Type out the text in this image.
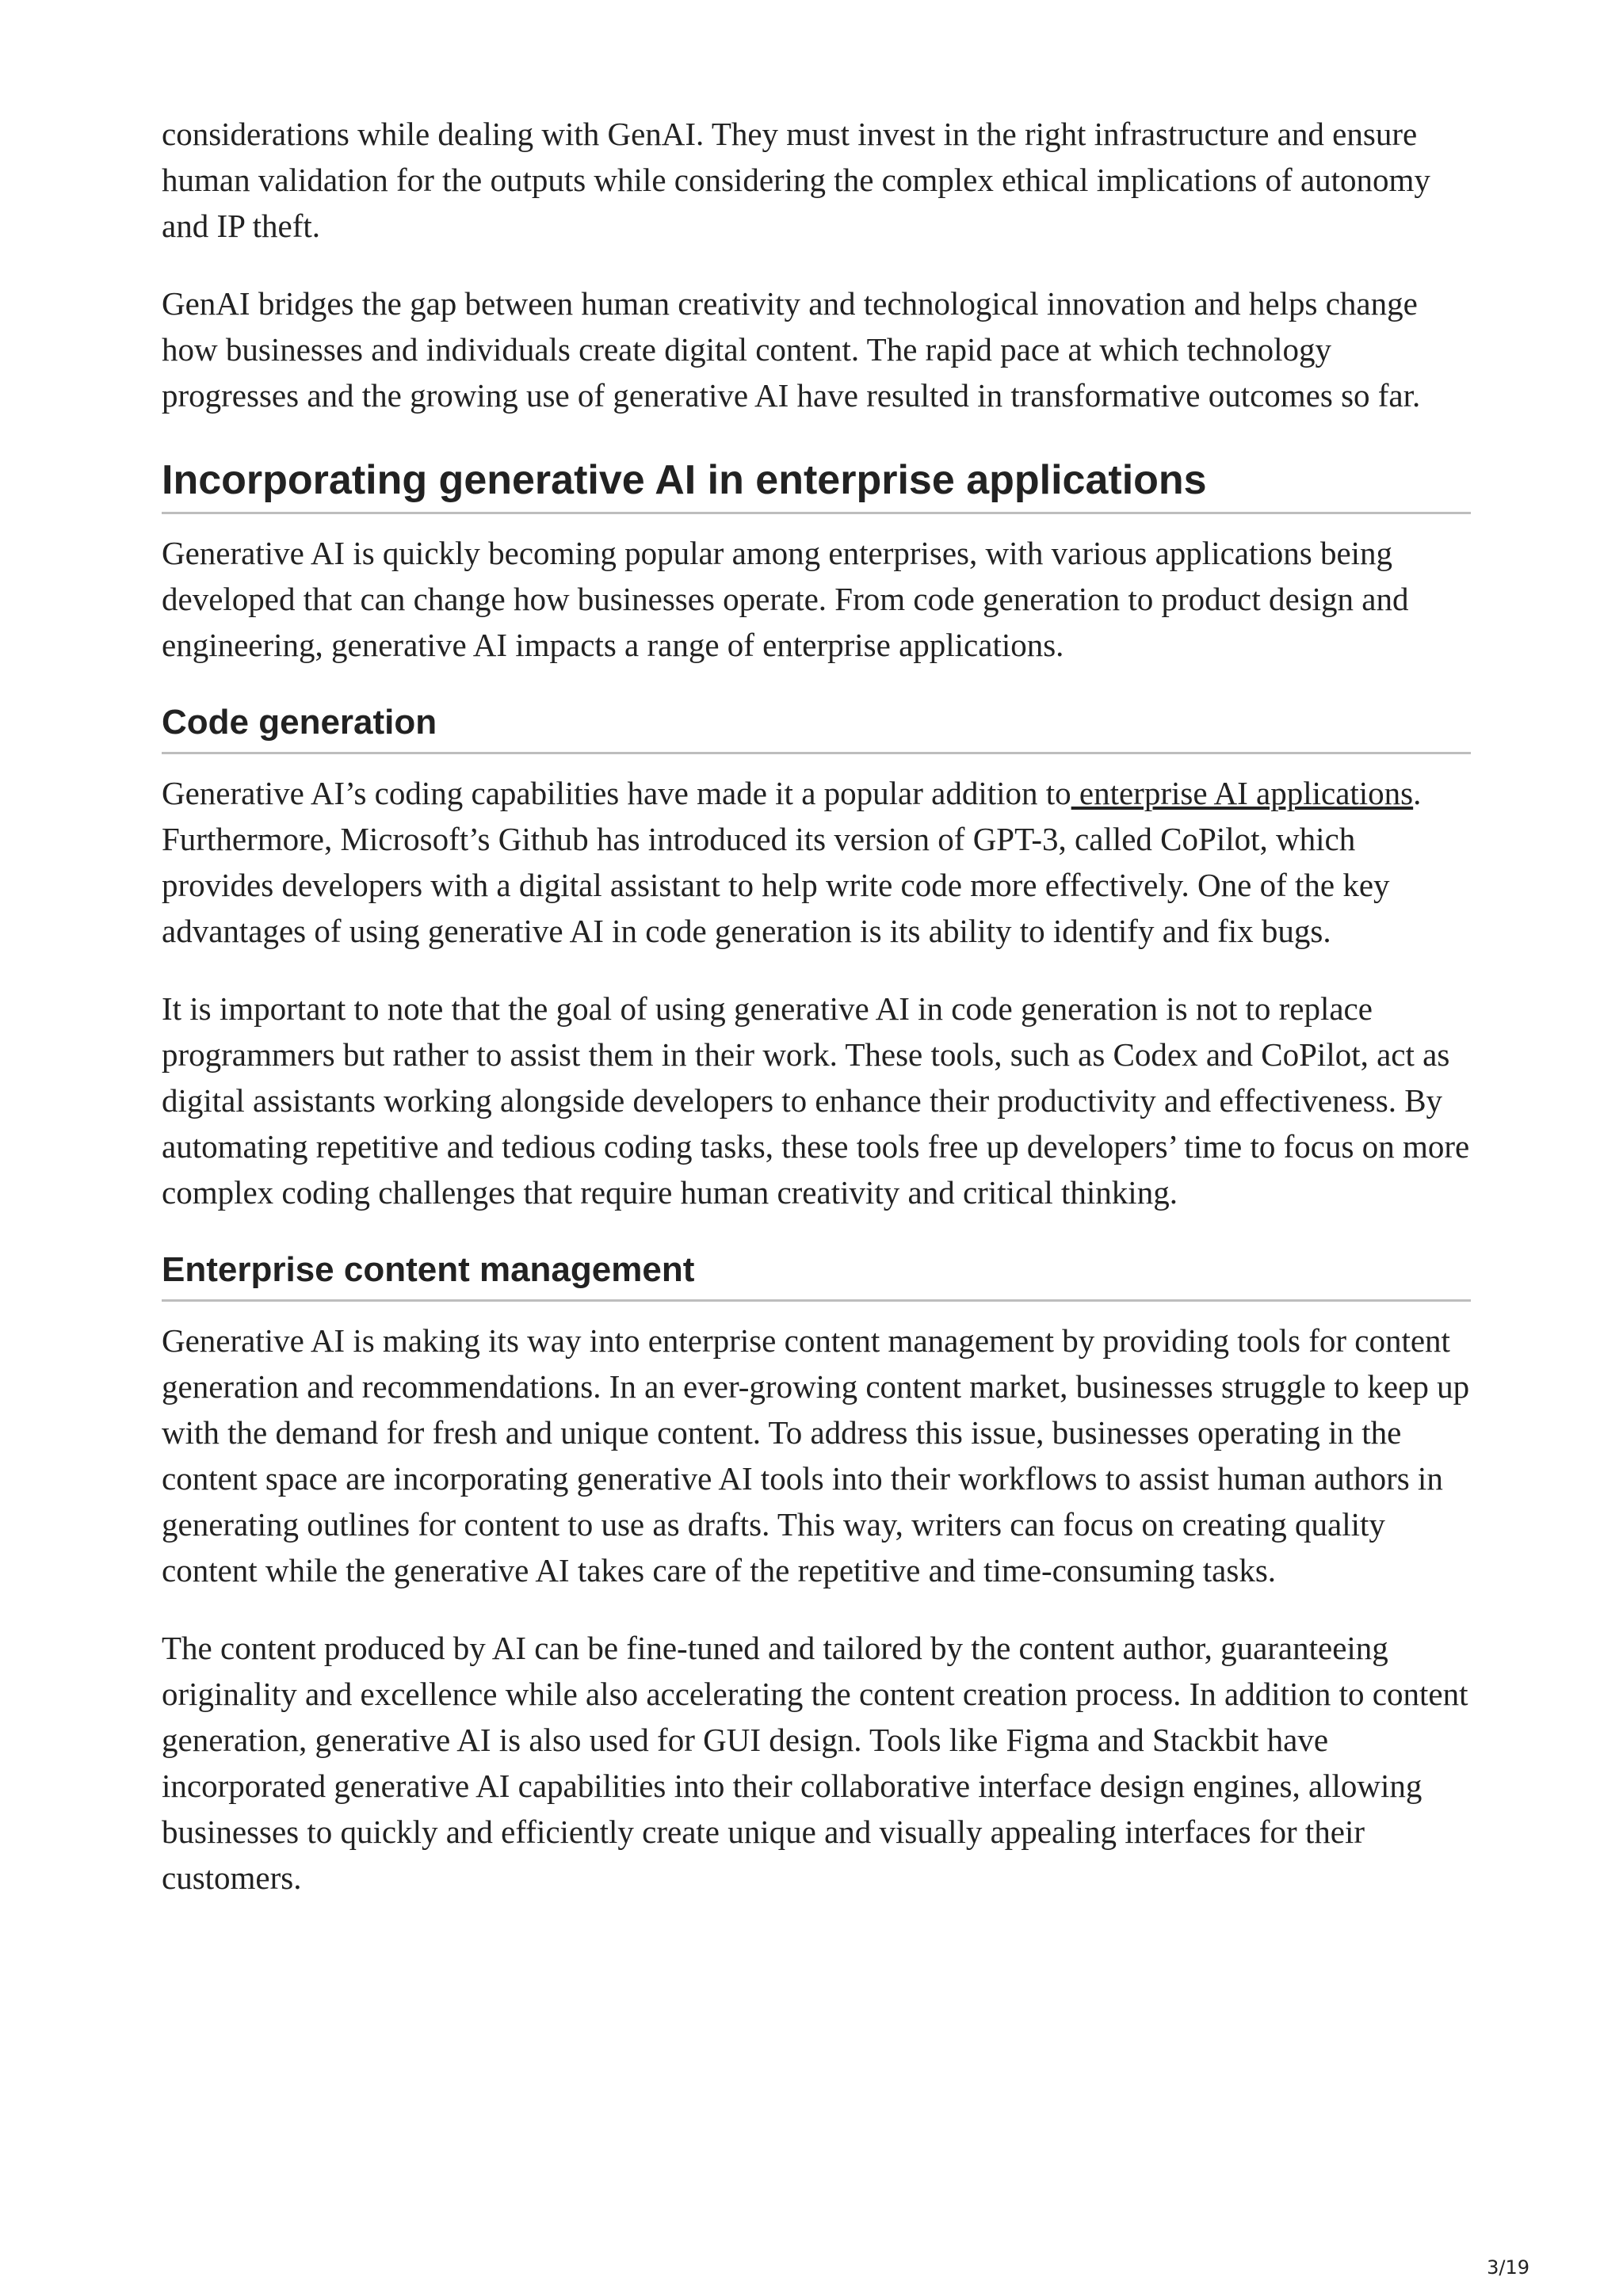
considerations while dealing with GenAI. They must invest in the right infrastructure and ensure human validation for the outputs while considering the complex ethical implications of autonomy and IP theft.

GenAI bridges the gap between human creativity and technological innovation and helps change how businesses and individuals create digital content. The rapid pace at which technology progresses and the growing use of generative AI have resulted in transformative outcomes so far.

Incorporating generative AI in enterprise applications

Generative AI is quickly becoming popular among enterprises, with various applications being developed that can change how businesses operate. From code generation to product design and engineering, generative AI impacts a range of enterprise applications.

Code generation

Generative AI’s coding capabilities have made it a popular addition to enterprise AI applications. Furthermore, Microsoft’s Github has introduced its version of GPT-3, called CoPilot, which provides developers with a digital assistant to help write code more effectively. One of the key advantages of using generative AI in code generation is its ability to identify and fix bugs.

It is important to note that the goal of using generative AI in code generation is not to replace programmers but rather to assist them in their work. These tools, such as Codex and CoPilot, act as digital assistants working alongside developers to enhance their productivity and effectiveness. By automating repetitive and tedious coding tasks, these tools free up developers’ time to focus on more complex coding challenges that require human creativity and critical thinking.

Enterprise content management

Generative AI is making its way into enterprise content management by providing tools for content generation and recommendations. In an ever-growing content market, businesses struggle to keep up with the demand for fresh and unique content. To address this issue, businesses operating in the content space are incorporating generative AI tools into their workflows to assist human authors in generating outlines for content to use as drafts. This way, writers can focus on creating quality content while the generative AI takes care of the repetitive and time-consuming tasks.

The content produced by AI can be fine-tuned and tailored by the content author, guaranteeing originality and excellence while also accelerating the content creation process. In addition to content generation, generative AI is also used for GUI design. Tools like Figma and Stackbit have incorporated generative AI capabilities into their collaborative interface design engines, allowing businesses to quickly and efficiently create unique and visually appealing interfaces for their customers.

3/19
